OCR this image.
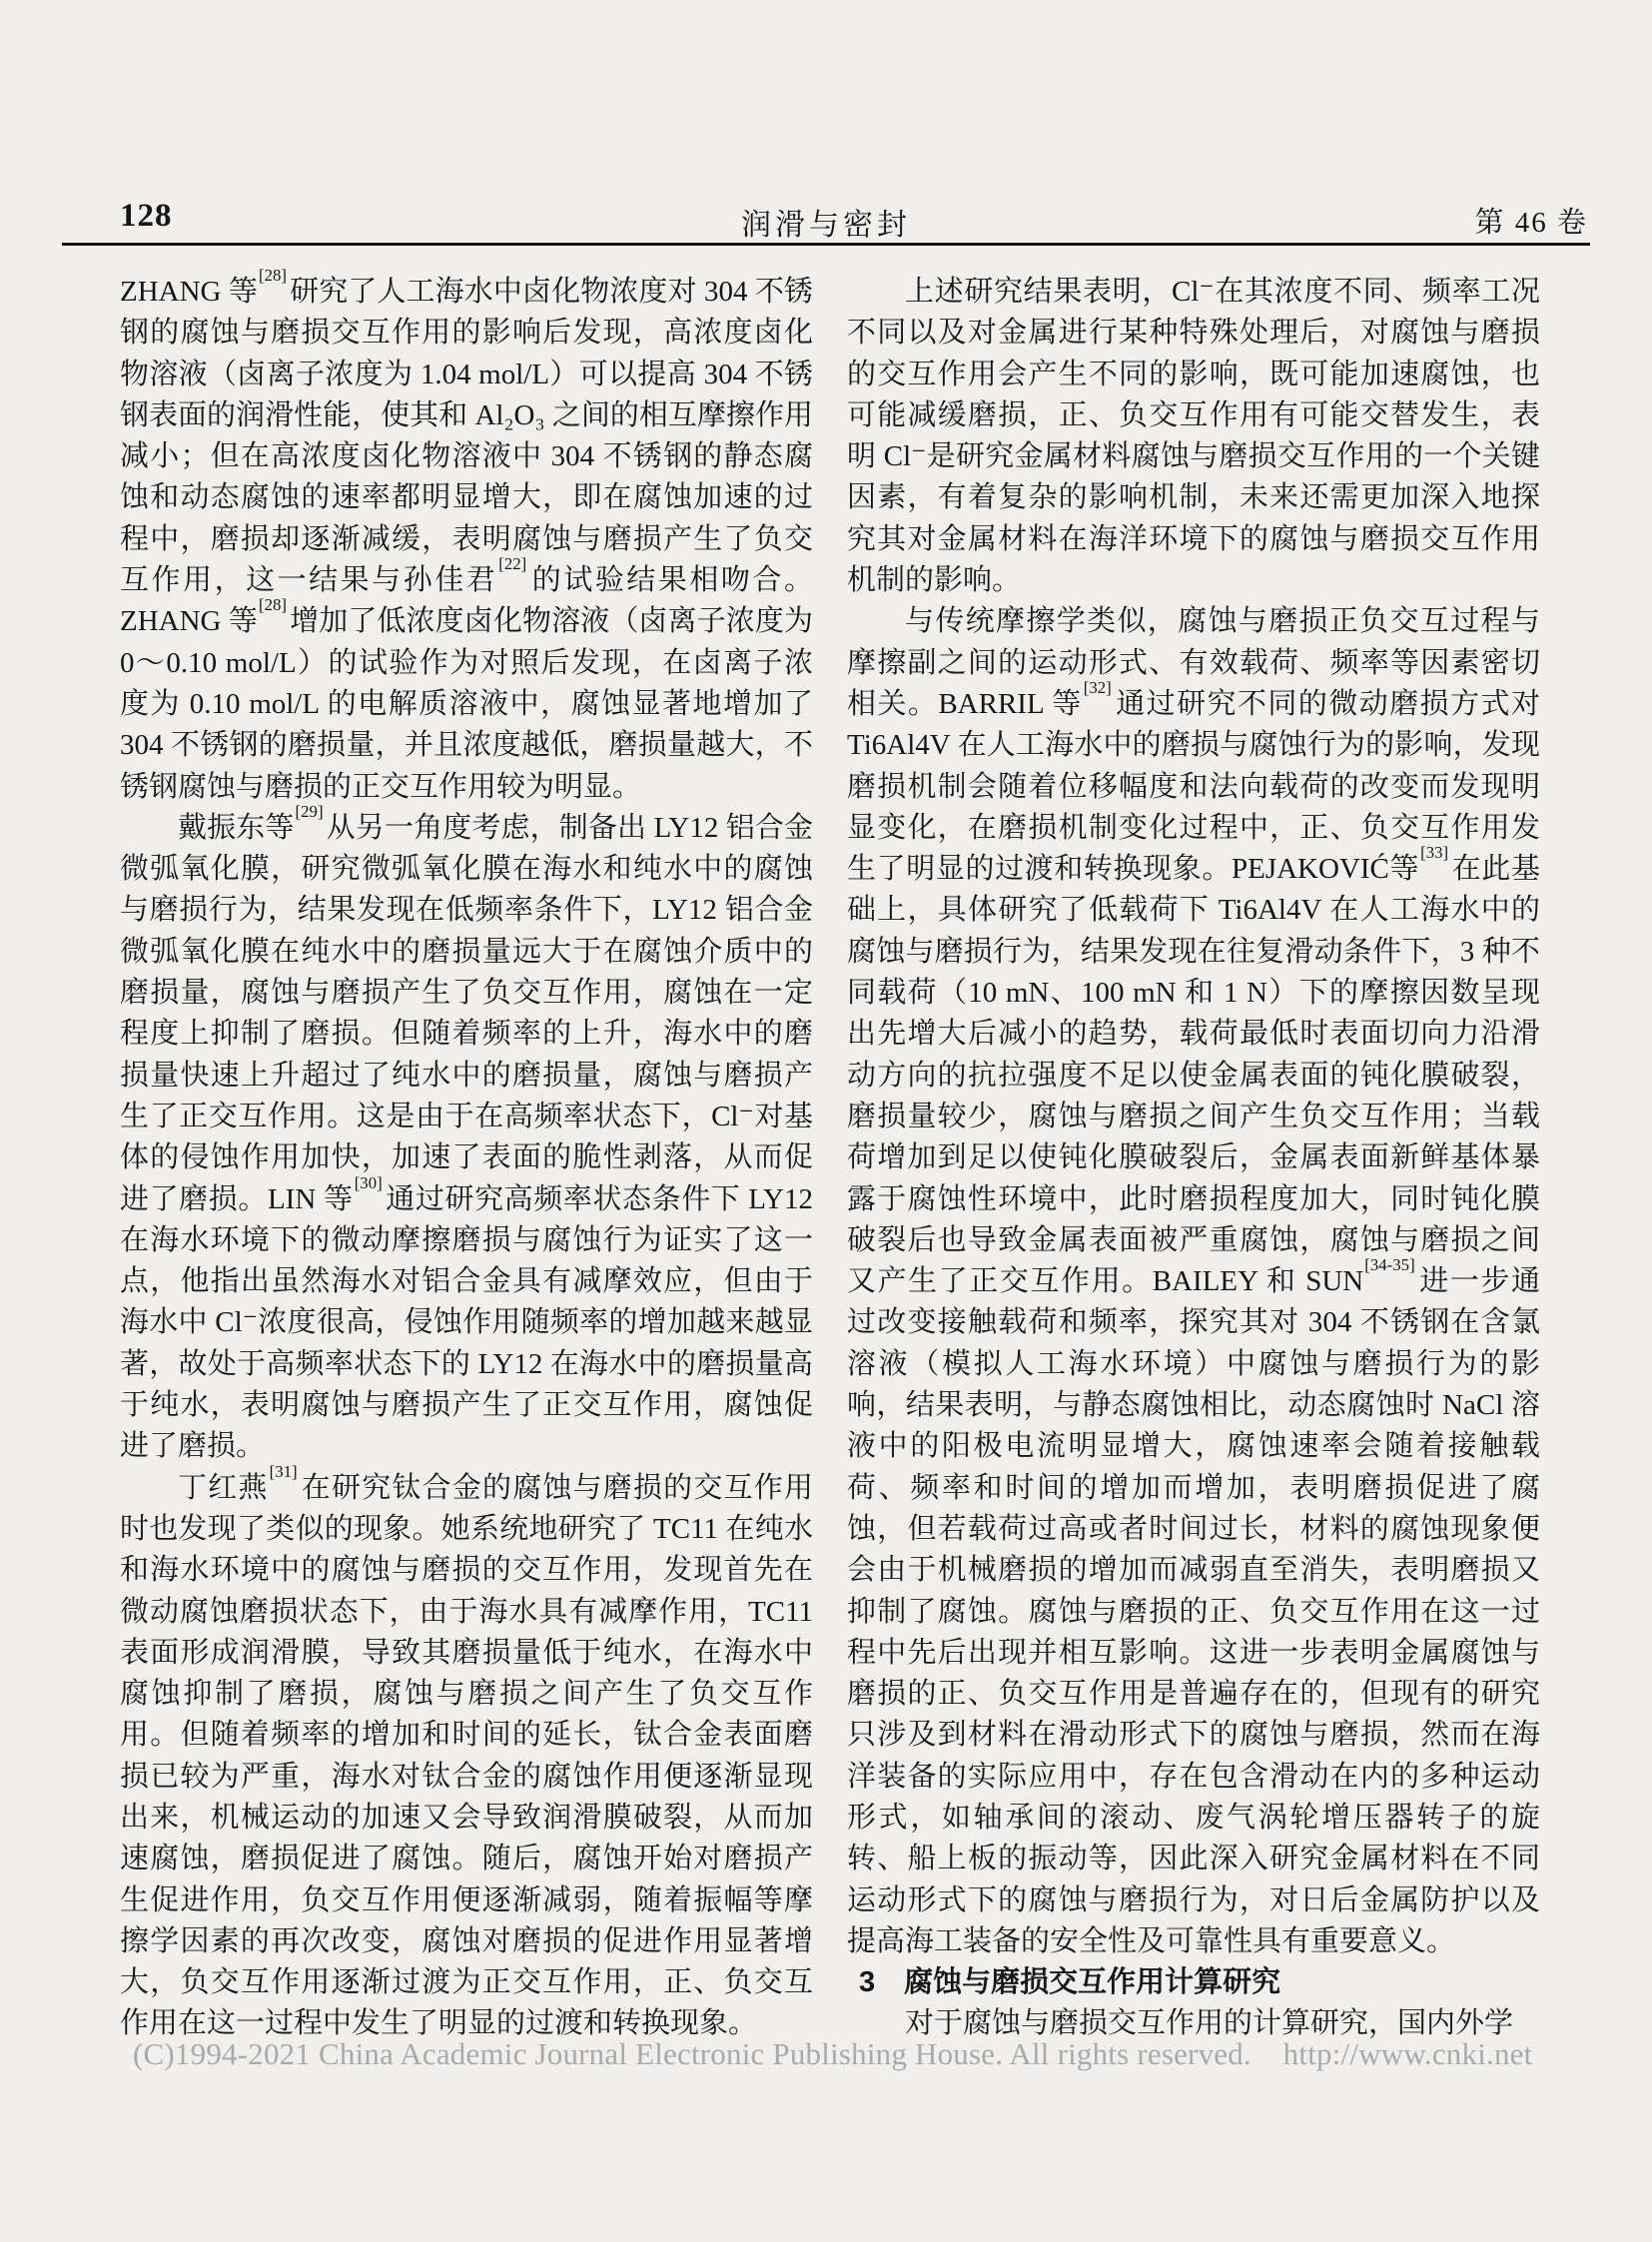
128	润滑与密封	第 46 卷

ZHANG 等[28]研究了人工海水中卤化物浓度对 304 不锈钢的腐蚀与磨损交互作用的影响后发现，高浓度卤化物溶液（卤离子浓度为 1.04 mol/L）可以提高 304 不锈钢表面的润滑性能，使其和 Al₂O₃ 之间的相互摩擦作用减小；但在高浓度卤化物溶液中 304 不锈钢的静态腐蚀和动态腐蚀的速率都明显增大，即在腐蚀加速的过程中，磨损却逐渐减缓，表明腐蚀与磨损产生了负交互作用，这一结果与孙佳君[22]的试验结果相吻合。ZHANG 等[28]增加了低浓度卤化物溶液（卤离子浓度为 0～0.10 mol/L）的试验作为对照后发现，在卤离子浓度为 0.10 mol/L 的电解质溶液中，腐蚀显著地增加了 304 不锈钢的磨损量，并且浓度越低，磨损量越大，不锈钢腐蚀与磨损的正交互作用较为明显。

戴振东等[29]从另一角度考虑，制备出 LY12 铝合金微弧氧化膜，研究微弧氧化膜在海水和纯水中的腐蚀与磨损行为，结果发现在低频率条件下，LY12 铝合金微弧氧化膜在纯水中的磨损量远大于在腐蚀介质中的磨损量，腐蚀与磨损产生了负交互作用，腐蚀在一定程度上抑制了磨损。但随着频率的上升，海水中的磨损量快速上升超过了纯水中的磨损量，腐蚀与磨损产生了正交互作用。这是由于在高频率状态下，Cl⁻对基体的侵蚀作用加快，加速了表面的脆性剥落，从而促进了磨损。LIN 等[30]通过研究高频率状态条件下 LY12 在海水环境下的微动摩擦磨损与腐蚀行为证实了这一点，他指出虽然海水对铝合金具有减摩效应，但由于海水中 Cl⁻浓度很高，侵蚀作用随频率的增加越来越显著，故处于高频率状态下的 LY12 在海水中的磨损量高于纯水，表明腐蚀与磨损产生了正交互作用，腐蚀促进了磨损。

丁红燕[31]在研究钛合金的腐蚀与磨损的交互作用时也发现了类似的现象。她系统地研究了 TC11 在纯水和海水环境中的腐蚀与磨损的交互作用，发现首先在微动腐蚀磨损状态下，由于海水具有减摩作用，TC11 表面形成润滑膜，导致其磨损量低于纯水，在海水中腐蚀抑制了磨损，腐蚀与磨损之间产生了负交互作用。但随着频率的增加和时间的延长，钛合金表面磨损已较为严重，海水对钛合金的腐蚀作用便逐渐显现出来，机械运动的加速又会导致润滑膜破裂，从而加速腐蚀，磨损促进了腐蚀。随后，腐蚀开始对磨损产生促进作用，负交互作用便逐渐减弱，随着振幅等摩擦学因素的再次改变，腐蚀对磨损的促进作用显著增大，负交互作用逐渐过渡为正交互作用，正、负交互作用在这一过程中发生了明显的过渡和转换现象。

上述研究结果表明，Cl⁻在其浓度不同、频率工况不同以及对金属进行某种特殊处理后，对腐蚀与磨损的交互作用会产生不同的影响，既可能加速腐蚀，也可能减缓磨损，正、负交互作用有可能交替发生，表明 Cl⁻是研究金属材料腐蚀与磨损交互作用的一个关键因素，有着复杂的影响机制，未来还需更加深入地探究其对金属材料在海洋环境下的腐蚀与磨损交互作用机制的影响。

与传统摩擦学类似，腐蚀与磨损正负交互过程与摩擦副之间的运动形式、有效载荷、频率等因素密切相关。BARRIL 等[32]通过研究不同的微动磨损方式对 Ti6Al4V 在人工海水中的磨损与腐蚀行为的影响，发现磨损机制会随着位移幅度和法向载荷的改变而发现明显变化，在磨损机制变化过程中，正、负交互作用发生了明显的过渡和转换现象。PEJAKOVIĆ等[33]在此基础上，具体研究了低载荷下 Ti6Al4V 在人工海水中的腐蚀与磨损行为，结果发现在往复滑动条件下，3 种不同载荷（10 mN、100 mN 和 1 N）下的摩擦因数呈现出先增大后减小的趋势，载荷最低时表面切向力沿滑动方向的抗拉强度不足以使金属表面的钝化膜破裂，磨损量较少，腐蚀与磨损之间产生负交互作用；当载荷增加到足以使钝化膜破裂后，金属表面新鲜基体暴露于腐蚀性环境中，此时磨损程度加大，同时钝化膜破裂后也导致金属表面被严重腐蚀，腐蚀与磨损之间又产生了正交互作用。BAILEY 和 SUN[34-35]进一步通过改变接触载荷和频率，探究其对 304 不锈钢在含氯溶液（模拟人工海水环境）中腐蚀与磨损行为的影响，结果表明，与静态腐蚀相比，动态腐蚀时 NaCl 溶液中的阳极电流明显增大，腐蚀速率会随着接触载荷、频率和时间的增加而增加，表明磨损促进了腐蚀，但若载荷过高或者时间过长，材料的腐蚀现象便会由于机械磨损的增加而减弱直至消失，表明磨损又抑制了腐蚀。腐蚀与磨损的正、负交互作用在这一过程中先后出现并相互影响。这进一步表明金属腐蚀与磨损的正、负交互作用是普遍存在的，但现有的研究只涉及到材料在滑动形式下的腐蚀与磨损，然而在海洋装备的实际应用中，存在包含滑动在内的多种运动形式，如轴承间的滚动、废气涡轮增压器转子的旋转、船上板的振动等，因此深入研究金属材料在不同运动形式下的腐蚀与磨损行为，对日后金属防护以及提高海工装备的安全性及可靠性具有重要意义。

3　腐蚀与磨损交互作用计算研究

对于腐蚀与磨损交互作用的计算研究，国内外学

(C)1994-2021 China Academic Journal Electronic Publishing House. All rights reserved.    http://www.cnki.net
